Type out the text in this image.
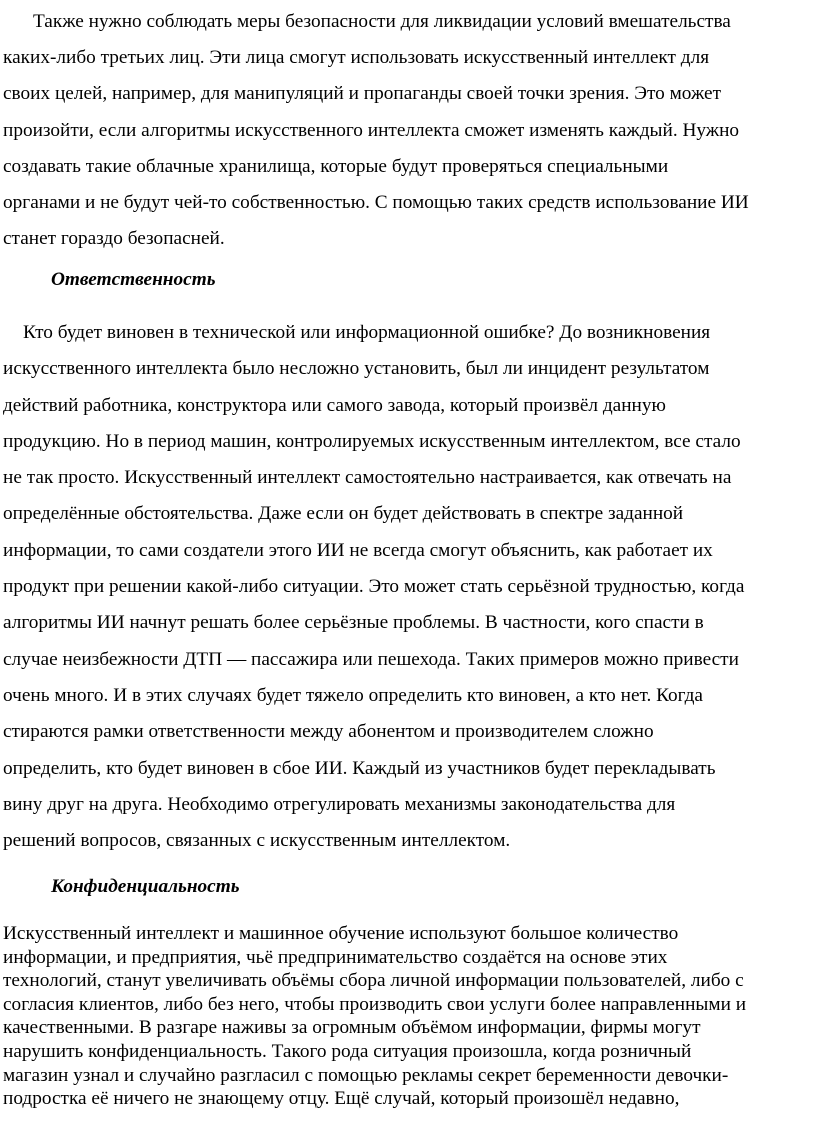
Также нужно соблюдать меры безопасности для ликвидации условий вмешательства
каких-либо третьих лиц. Эти лица смогут использовать искусственный интеллект для
своих целей, например, для манипуляций и пропаганды своей точки зрения. Это может
произойти, если алгоритмы искусственного интеллекта сможет изменять каждый. Нужно
создавать такие облачные хранилища, которые будут проверяться специальными
органами и не будут чей-то собственностью. С помощью таких средств использование ИИ
станет гораздо безопасней.

Ответственность

Кто будет виновен в технической или информационной ошибке? До возникновения
искусственного интеллекта было несложно установить, был ли инцидент результатом
действий работника, конструктора или самого завода, который произвёл данную
продукцию. Но в период машин, контролируемых искусственным интеллектом, все стало
не так просто. Искусственный интеллект самостоятельно настраивается, как отвечать на
определённые обстоятельства. Даже если он будет действовать в спектре заданной
информации, то сами создатели этого ИИ не всегда смогут объяснить, как работает их
продукт при решении какой-либо ситуации. Это может стать серьёзной трудностью, когда
алгоритмы ИИ начнут решать более серьёзные проблемы. В частности, кого спасти в
случае неизбежности ДТП — пассажира или пешехода. Таких примеров можно привести
очень много. И в этих случаях будет тяжело определить кто виновен, а кто нет. Когда
стираются рамки ответственности между абонентом и производителем сложно
определить, кто будет виновен в сбое ИИ. Каждый из участников будет перекладывать
вину друг на друга. Необходимо отрегулировать механизмы законодательства для
решений вопросов, связанных с искусственным интеллектом.

Конфиденциальность

Искусственный интеллект и машинное обучение используют большое количество
информации, и предприятия, чьё предпринимательство создаётся на основе этих
технологий, станут увеличивать объёмы сбора личной информации пользователей, либо с
согласия клиентов, либо без него, чтобы производить свои услуги более направленными и
качественными. В разгаре наживы за огромным объёмом информации, фирмы могут
нарушить конфиденциальность. Такого рода ситуация произошла, когда розничный
магазин узнал и случайно разгласил с помощью рекламы секрет беременности девочки-
подростка её ничего не знающему отцу. Ещё случай, который произошёл недавно,
